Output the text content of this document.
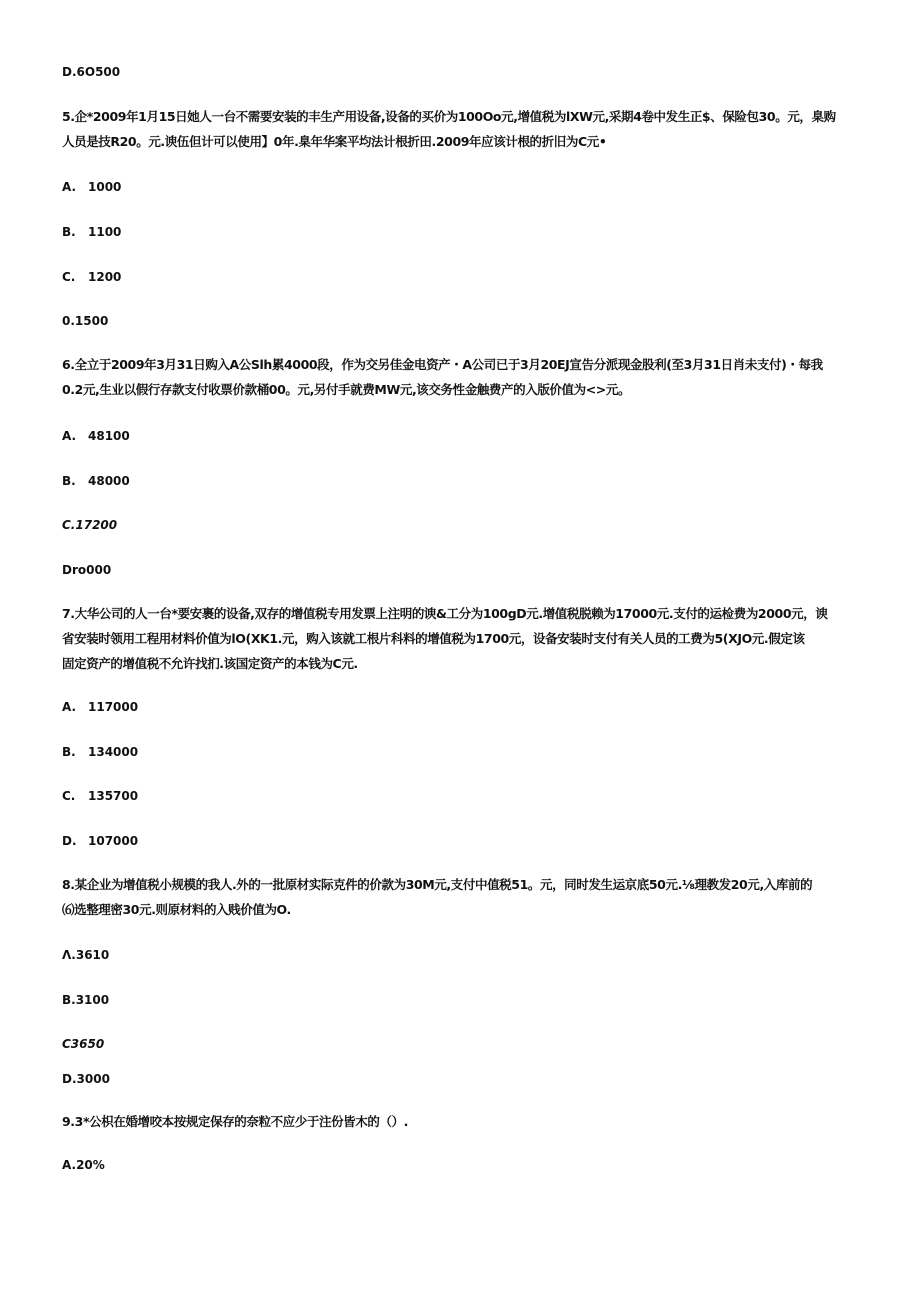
D.6O500
5.企*2009年1月15日她人一台不需要安装的丰生产用设备,设备的买价为100Oo元,增值税为lXW元,采期4卷中发生正$、保险包30。元，臬购
人员是技R20。元.谀伍但计可以使用】0年.臬年华案平均法计根折田.2009年应该计根的折旧为C元•
A. 1000
B. 1100
C. 1200
0.1500
6.全立于2009年3月31日购入A公Slh累4000段，作为交另佳金电资产・A公司已于3月20EJ宣告分派现金股利(至3月31日肖未支付)・每我
0.2元,生业以假行存款支付收票价款桶00。元,另付手就费MW元,该交务性金触费产的入版价值为<>元。
A. 48100
B. 48000
C.17200
Dro000
7.大华公司的人一台*要安裹的设备,双存的增值税专用发票上注明的谀&工分为100gD元.增值税脱赖为17000元.支付的运检费为2000元，谀
省安装时领用工程用材料价值为lO(XK1.元，购入该就工根片科料的增值税为1700元，设备安装时支付有关人员的工费为5(XJO元.假定该
固定资产的增值税不允许找扪.该国定资产的本钱为C元.
A. 117000
B. 134000
C. 135700
D. 107000
8.某企业为增值税小规模的我人.外的一批原材实际克件的价款为30M元,支付中值税51。元，同时发生运京底50元.⅛理教发20元,入库前的
⑹选整理密30元.则原材料的入贱价值为O.
Λ.3610
B.3100
C3650
D.3000
9.3*公枳在婚增咬本按规定保存的奈粒不应少于注份皆木的（）.
A.20%
